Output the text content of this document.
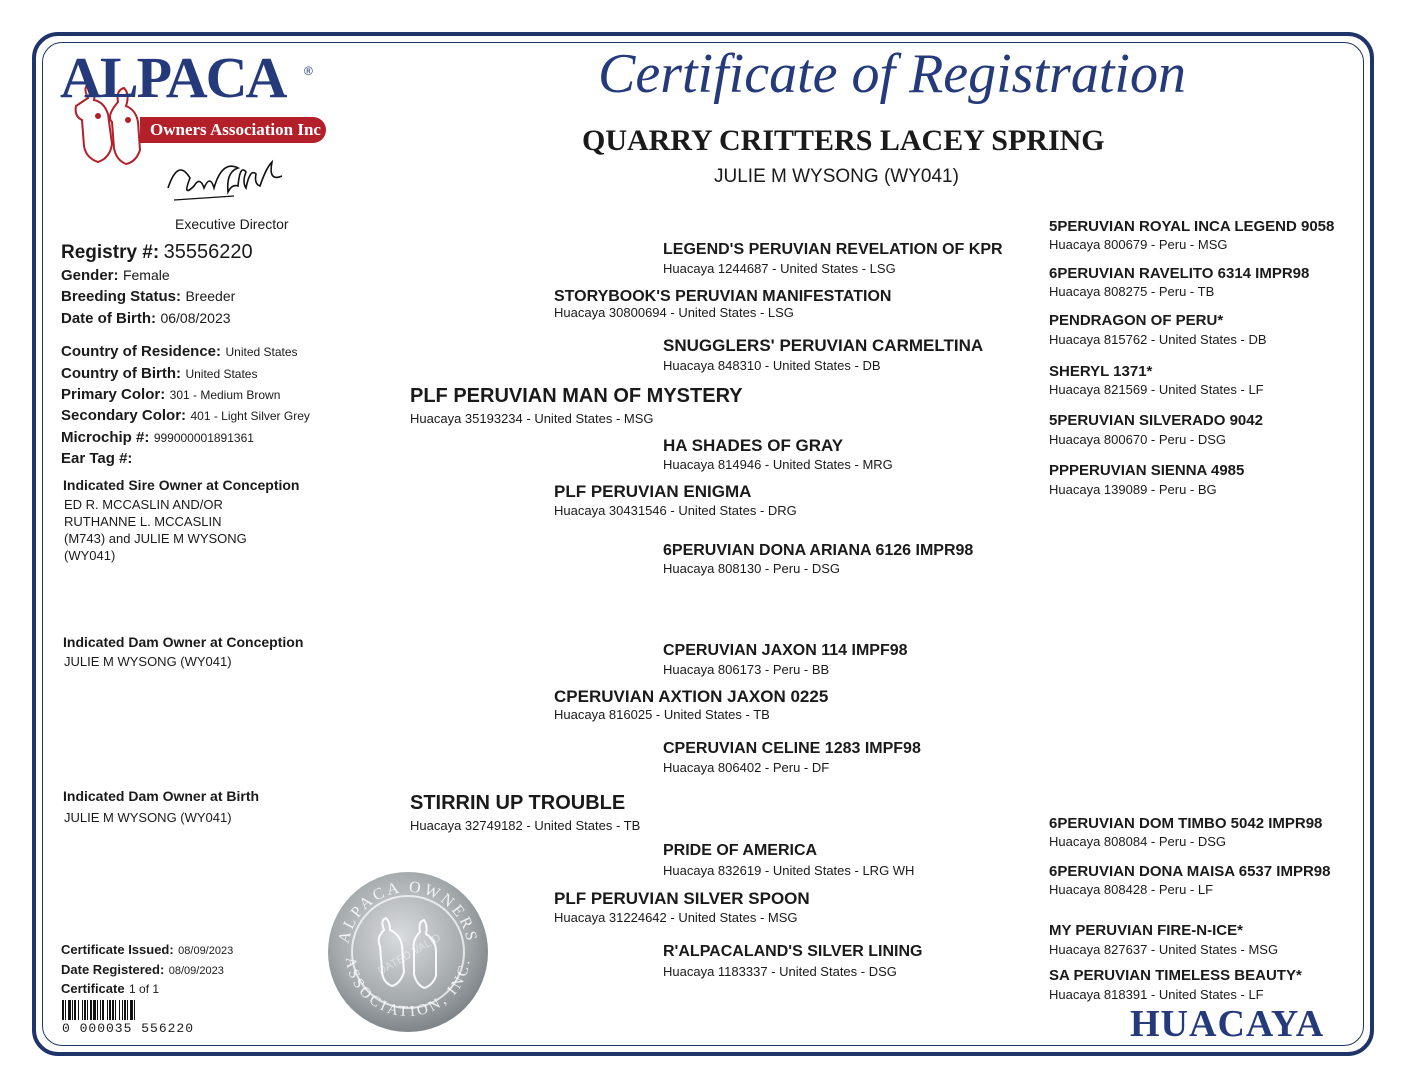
ALPACA ®
Owners Association Inc
Executive Director
Certificate of Registration
QUARRY CRITTERS LACEY SPRING
JULIE M WYSONG (WY041)
Registry #: 35556220
Gender: Female
Breeding Status: Breeder
Date of Birth: 06/08/2023
Country of Residence: United States
Country of Birth: United States
Primary Color: 301 - Medium Brown
Secondary Color: 401 - Light Silver Grey
Microchip #: 999000001891361
Ear Tag #:
Indicated Sire Owner at Conception
ED R. MCCASLIN AND/OR
RUTHANNE L. MCCASLIN
(M743) and JULIE M WYSONG
(WY041)
Indicated Dam Owner at Conception
JULIE M WYSONG (WY041)
Indicated Dam Owner at Birth
JULIE M WYSONG (WY041)
Certificate Issued: 08/09/2023
Date Registered: 08/09/2023
Certificate 1 of 1
0 000035 556220
ALPACA OWNERS
ASSOCIATION, INC.
DATED VALID
LEGEND'S PERUVIAN REVELATION OF KPR
Huacaya 1244687 - United States - LSG
STORYBOOK'S PERUVIAN MANIFESTATION
Huacaya 30800694 - United States - LSG
SNUGGLERS' PERUVIAN CARMELTINA
Huacaya 848310 - United States - DB
PLF PERUVIAN MAN OF MYSTERY
Huacaya 35193234 - United States - MSG
HA SHADES OF GRAY
Huacaya 814946 - United States - MRG
PLF PERUVIAN ENIGMA
Huacaya 30431546 - United States - DRG
6PERUVIAN DONA ARIANA 6126 IMPR98
Huacaya 808130 - Peru - DSG
CPERUVIAN JAXON 114 IMPF98
Huacaya 806173 - Peru - BB
CPERUVIAN AXTION JAXON 0225
Huacaya 816025 - United States - TB
CPERUVIAN CELINE 1283 IMPF98
Huacaya 806402 - Peru - DF
STIRRIN UP TROUBLE
Huacaya 32749182 - United States - TB
PRIDE OF AMERICA
Huacaya 832619 - United States - LRG WH
PLF PERUVIAN SILVER SPOON
Huacaya 31224642 - United States - MSG
R'ALPACALAND'S SILVER LINING
Huacaya 1183337 - United States - DSG
5PERUVIAN ROYAL INCA LEGEND 9058
Huacaya 800679 - Peru - MSG
6PERUVIAN RAVELITO 6314 IMPR98
Huacaya 808275 - Peru - TB
PENDRAGON OF PERU*
Huacaya 815762 - United States - DB
SHERYL 1371*
Huacaya 821569 - United States - LF
5PERUVIAN SILVERADO 9042
Huacaya 800670 - Peru - DSG
PPPERUVIAN SIENNA 4985
Huacaya 139089 - Peru - BG
6PERUVIAN DOM TIMBO 5042 IMPR98
Huacaya 808084 - Peru - DSG
6PERUVIAN DONA MAISA 6537 IMPR98
Huacaya 808428 - Peru - LF
MY PERUVIAN FIRE-N-ICE*
Huacaya 827637 - United States - MSG
SA PERUVIAN TIMELESS BEAUTY*
Huacaya 818391 - United States - LF
HUACAYA
